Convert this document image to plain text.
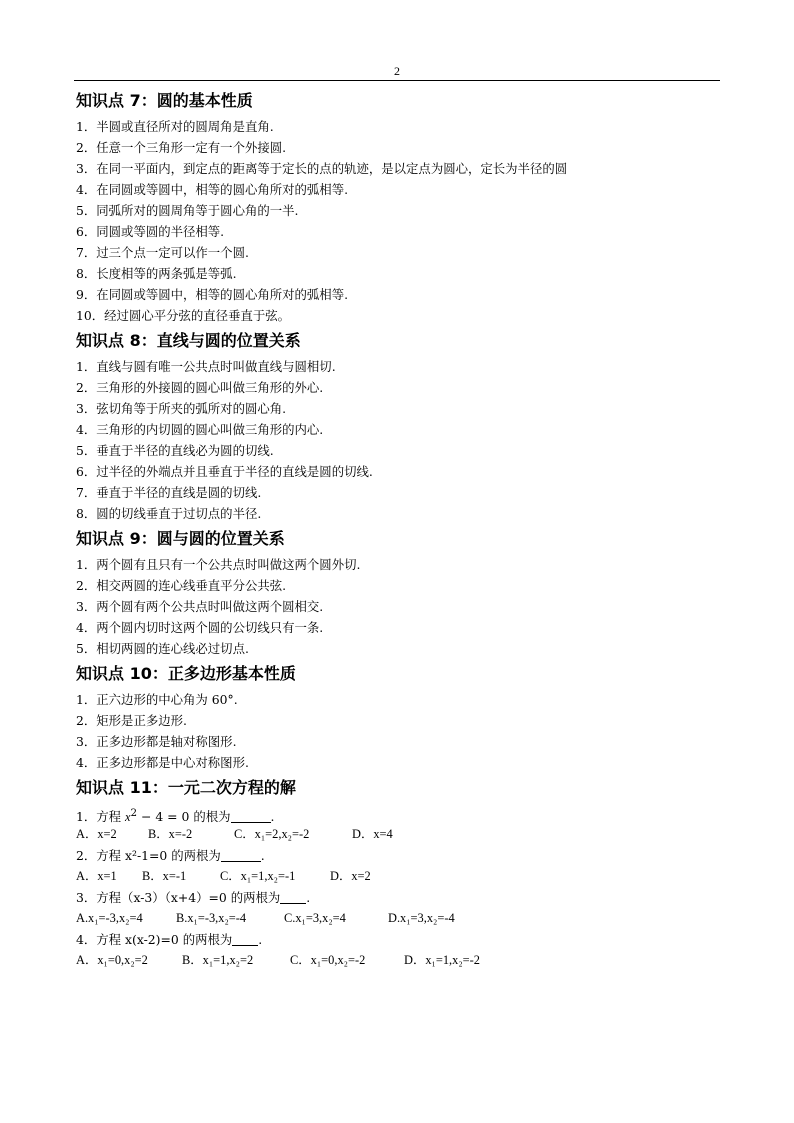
2
知识点 7：圆的基本性质
1．半圆或直径所对的圆周角是直角.
2．任意一个三角形一定有一个外接圆.
3．在同一平面内，到定点的距离等于定长的点的轨迹，是以定点为圆心，定长为半径的圆
4．在同圆或等圆中，相等的圆心角所对的弧相等.
5．同弧所对的圆周角等于圆心角的一半.
6．同圆或等圆的半径相等.
7．过三个点一定可以作一个圆.
8．长度相等的两条弧是等弧.
9．在同圆或等圆中，相等的圆心角所对的弧相等.
10．经过圆心平分弦的直径垂直于弦。
知识点 8：直线与圆的位置关系
1．直线与圆有唯一公共点时叫做直线与圆相切.
2．三角形的外接圆的圆心叫做三角形的外心.
3．弦切角等于所夹的弧所对的圆心角.
4．三角形的内切圆的圆心叫做三角形的内心.
5．垂直于半径的直线必为圆的切线.
6．过半径的外端点并且垂直于半径的直线是圆的切线.
7．垂直于半径的直线是圆的切线.
8．圆的切线垂直于过切点的半径.
知识点 9：圆与圆的位置关系
1．两个圆有且只有一个公共点时叫做这两个圆外切.
2．相交两圆的连心线垂直平分公共弦.
3．两个圆有两个公共点时叫做这两个圆相交.
4．两个圆内切时这两个圆的公切线只有一条.
5．相切两圆的连心线必过切点.
知识点 10：正多边形基本性质
1．正六边形的中心角为 60°.
2．矩形是正多边形.
3．正多边形都是轴对称图形.
4．正多边形都是中心对称图形.
知识点 11：一元二次方程的解
1．方程 $x^2 - 4 = 0$ 的根为	.
A．x=2	B．x=-2	C．x₁=2,x₂=-2	D．x=4
2．方程 x²-1=0 的两根为	.
A．x=1 B．x=-1	C．x₁=1,x₂=-1	D．x=2
3．方程（x-3）（x+4）=0 的两根为 .
A.x₁=-3,x₂=4	B.x₁=-3,x₂=-4	C.x₁=3,x₂=4	D.x₁=3,x₂=-4
4．方程 x(x-2)=0 的两根为 .
A．x₁=0,x₂=2	B．x₁=1,x₂=2	C．x₁=0,x₂=-2	D．x₁=1,x₂=-2
